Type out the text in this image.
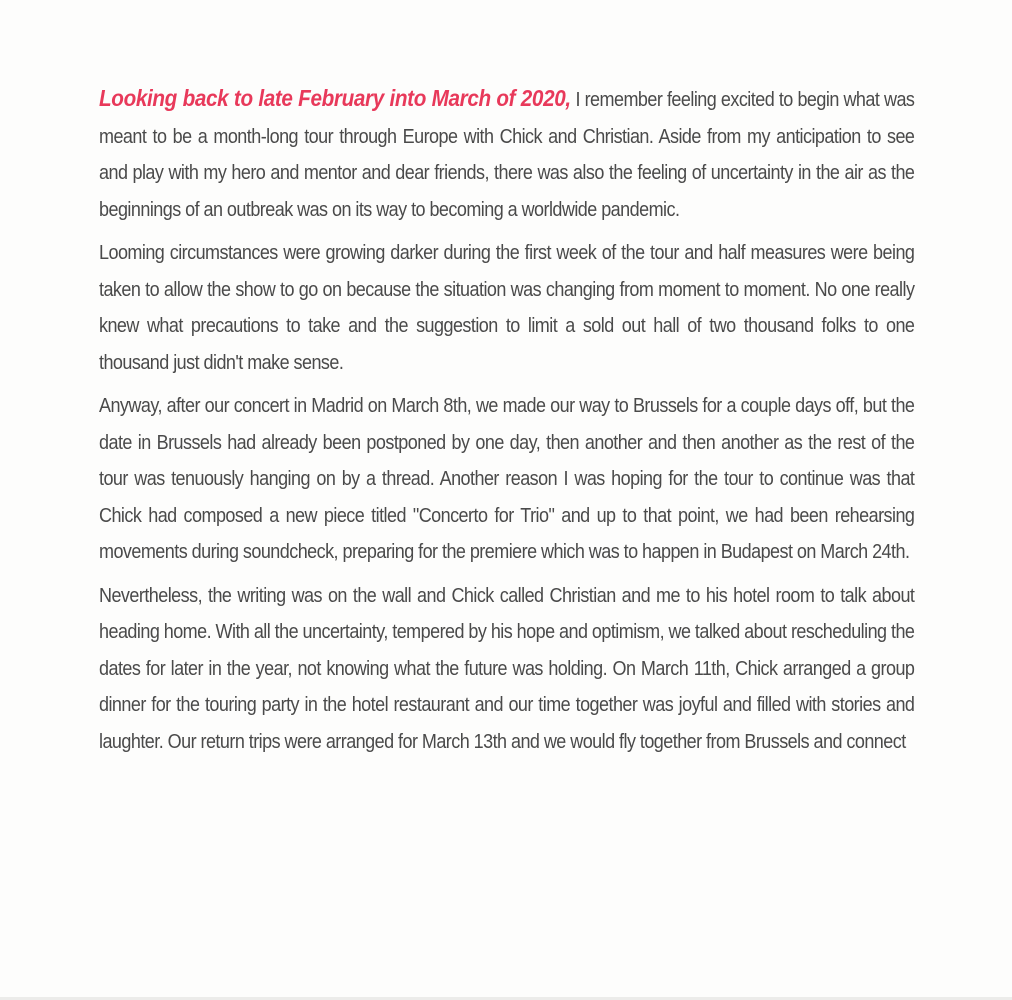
Looking back to late February into March of 2020, I remember feeling excited to begin what was meant to be a month-long tour through Europe with Chick and Christian. Aside from my anticipation to see and play with my hero and mentor and dear friends, there was also the feeling of uncertainty in the air as the beginnings of an outbreak was on its way to becoming a worldwide pandemic.

Looming circumstances were growing darker during the first week of the tour and half measures were being taken to allow the show to go on because the situation was changing from moment to moment. No one really knew what precautions to take and the suggestion to limit a sold out hall of two thousand folks to one thousand just didn't make sense.

Anyway, after our concert in Madrid on March 8th, we made our way to Brussels for a couple days off, but the date in Brussels had already been postponed by one day, then another and then another as the rest of the tour was tenuously hanging on by a thread. Another reason I was hoping for the tour to continue was that Chick had composed a new piece titled "Concerto for Trio" and up to that point, we had been rehearsing movements during soundcheck, preparing for the premiere which was to happen in Budapest on March 24th.

Nevertheless, the writing was on the wall and Chick called Christian and me to his hotel room to talk about heading home. With all the uncertainty, tempered by his hope and optimism, we talked about rescheduling the dates for later in the year, not knowing what the future was holding. On March 11th, Chick arranged a group dinner for the touring party in the hotel restaurant and our time together was joyful and filled with stories and laughter. Our return trips were arranged for March 13th and we would fly together from Brussels and connect
